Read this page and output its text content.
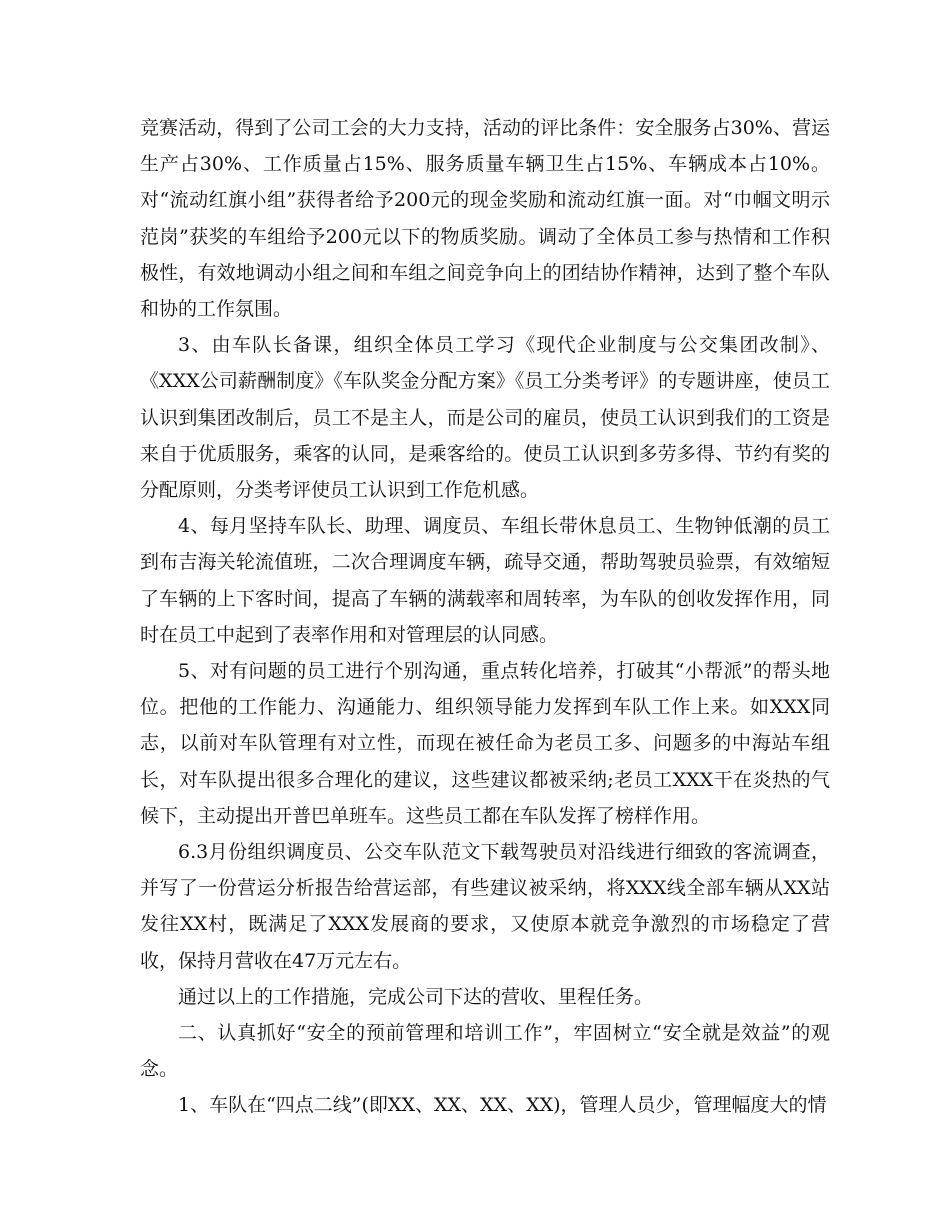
竞赛活动，得到了公司工会的大力支持，活动的评比条件：安全服务占30%、营运生产占30%、工作质量占15%、服务质量车辆卫生占15%、车辆成本占10%。对“流动红旗小组”获得者给予200元的现金奖励和流动红旗一面。对“巾帼文明示范岗”获奖的车组给予200元以下的物质奖励。调动了全体员工参与热情和工作积极性，有效地调动小组之间和车组之间竞争向上的团结协作精神，达到了整个车队和协的工作氛围。

3、由车队长备课，组织全体员工学习《现代企业制度与公交集团改制》、《XXX公司薪酬制度》《车队奖金分配方案》《员工分类考评》的专题讲座，使员工认识到集团改制后，员工不是主人，而是公司的雇员，使员工认识到我们的工资是来自于优质服务，乘客的认同，是乘客给的。使员工认识到多劳多得、节约有奖的分配原则，分类考评使员工认识到工作危机感。

4、每月坚持车队长、助理、调度员、车组长带休息员工、生物钟低潮的员工到布吉海关轮流值班，二次合理调度车辆，疏导交通，帮助驾驶员验票，有效缩短了车辆的上下客时间，提高了车辆的满载率和周转率，为车队的创收发挥作用，同时在员工中起到了表率作用和对管理层的认同感。

5、对有问题的员工进行个别沟通，重点转化培养，打破其“小帮派”的帮头地位。把他的工作能力、沟通能力、组织领导能力发挥到车队工作上来。如XXX同志，以前对车队管理有对立性，而现在被任命为老员工多、问题多的中海站车组长，对车队提出很多合理化的建议，这些建议都被采纳;老员工XXX干在炎热的气候下，主动提出开普巴单班车。这些员工都在车队发挥了榜样作用。

6.3月份组织调度员、公交车队范文下载驾驶员对沿线进行细致的客流调查，并写了一份营运分析报告给营运部，有些建议被采纳，将XXX线全部车辆从XX站发往XX村，既满足了XXX发展商的要求，又使原本就竞争激烈的市场稳定了营收，保持月营收在47万元左右。

通过以上的工作措施，完成公司下达的营收、里程任务。

二、认真抓好“安全的预前管理和培训工作”，牢固树立“安全就是效益”的观念。

1、车队在“四点二线”(即XX、XX、XX、XX)，管理人员少，管理幅度大的情
